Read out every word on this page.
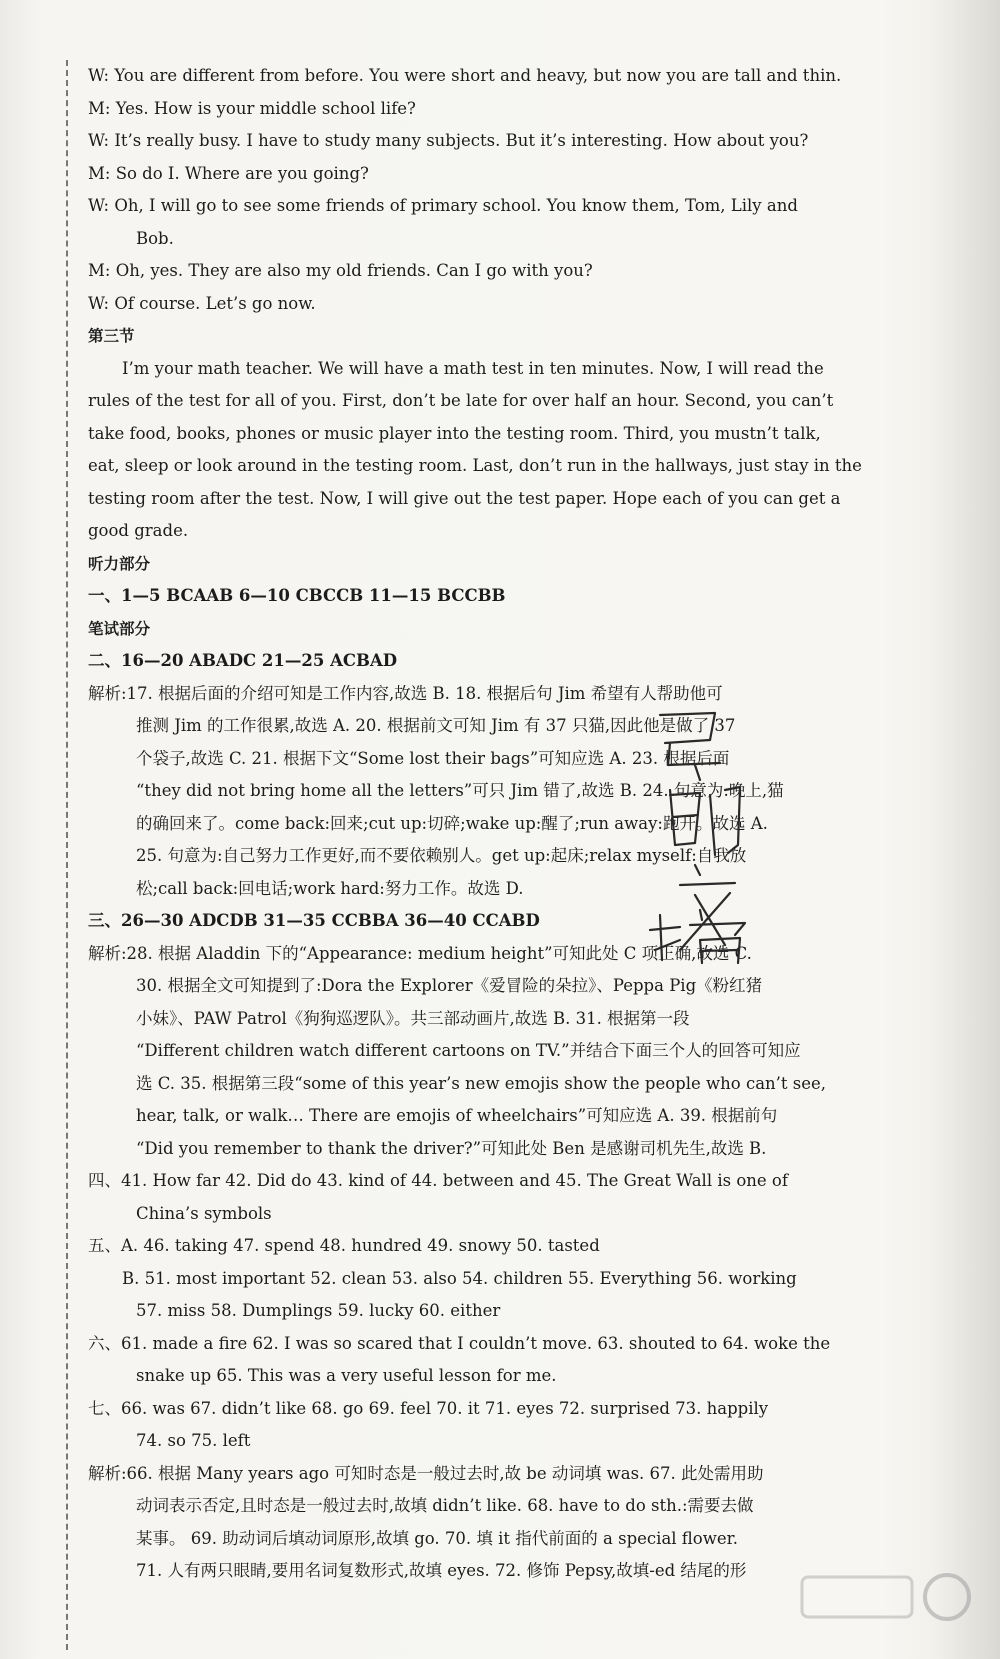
W: You are different from before. You were short and heavy, but now you are tall and thin.
M: Yes. How is your middle school life?
W: It’s really busy. I have to study many subjects. But it’s interesting. How about you?
M: So do I. Where are you going?
W: Oh, I will go to see some friends of primary school. You know them, Tom, Lily and
Bob.
M: Oh, yes. They are also my old friends. Can I go with you?
W: Of course. Let’s go now.
第三节
I’m your math teacher. We will have a math test in ten minutes. Now, I will read the
rules of the test for all of you. First, don’t be late for over half an hour. Second, you can’t
take food, books, phones or music player into the testing room. Third, you mustn’t talk,
eat, sleep or look around in the testing room. Last, don’t run in the hallways, just stay in the
testing room after the test. Now, I will give out the test paper. Hope each of you can get a
good grade.
听力部分
一、1—5 BCAAB 6—10 CBCCB 11—15 BCCBB
笔试部分
二、16—20 ABADC 21—25 ACBAD
解析:17. 根据后面的介绍可知是工作内容,故选 B. 18. 根据后句 Jim 希望有人帮助他可
推测 Jim 的工作很累,故选 A. 20. 根据前文可知 Jim 有 37 只猫,因此他是做了 37
个袋子,故选 C. 21. 根据下文“Some lost their bags”可知应选 A. 23. 根据后面
“they did not bring home all the letters”可只 Jim 错了,故选 B. 24. 句意为:晚上,猫
的确回来了。come back:回来;cut up:切碎;wake up:醒了;run away:跑开。故选 A.
25. 句意为:自己努力工作更好,而不要依赖别人。get up:起床;relax myself:自我放
松;call back:回电话;work hard:努力工作。故选 D.
三、26—30 ADCDB 31—35 CCBBA 36—40 CCABD
解析:28. 根据 Aladdin 下的“Appearance: medium height”可知此处 C 项正确,故选 C.
30. 根据全文可知提到了:Dora the Explorer《爱冒险的朵拉》、Peppa Pig《粉红猪
小妹》、PAW Patrol《狗狗巡逻队》。共三部动画片,故选 B. 31. 根据第一段
“Different children watch different cartoons on TV.”并结合下面三个人的回答可知应
选 C. 35. 根据第三段“some of this year’s new emojis show the people who can’t see,
hear, talk, or walk… There are emojis of wheelchairs”可知应选 A. 39. 根据前句
“Did you remember to thank the driver?”可知此处 Ben 是感谢司机先生,故选 B.
四、41. How far 42. Did do 43. kind of 44. between and 45. The Great Wall is one of
China’s symbols
五、A. 46. taking 47. spend 48. hundred 49. snowy 50. tasted
B. 51. most important 52. clean 53. also 54. children 55. Everything 56. working
57. miss 58. Dumplings 59. lucky 60. either
六、61. made a fire 62. I was so scared that I couldn’t move. 63. shouted to 64. woke the
snake up 65. This was a very useful lesson for me.
七、66. was 67. didn’t like 68. go 69. feel 70. it 71. eyes 72. surprised 73. happily
74. so 75. left
解析:66. 根据 Many years ago 可知时态是一般过去时,故 be 动词填 was. 67. 此处需用助
动词表示否定,且时态是一般过去时,故填 didn’t like. 68. have to do sth.:需要去做
某事。 69. 助动词后填动词原形,故填 go. 70. 填 it 指代前面的 a special flower.
71. 人有两只眼睛,要用名词复数形式,故填 eyes. 72. 修饰 Pepsy,故填-ed 结尾的形
